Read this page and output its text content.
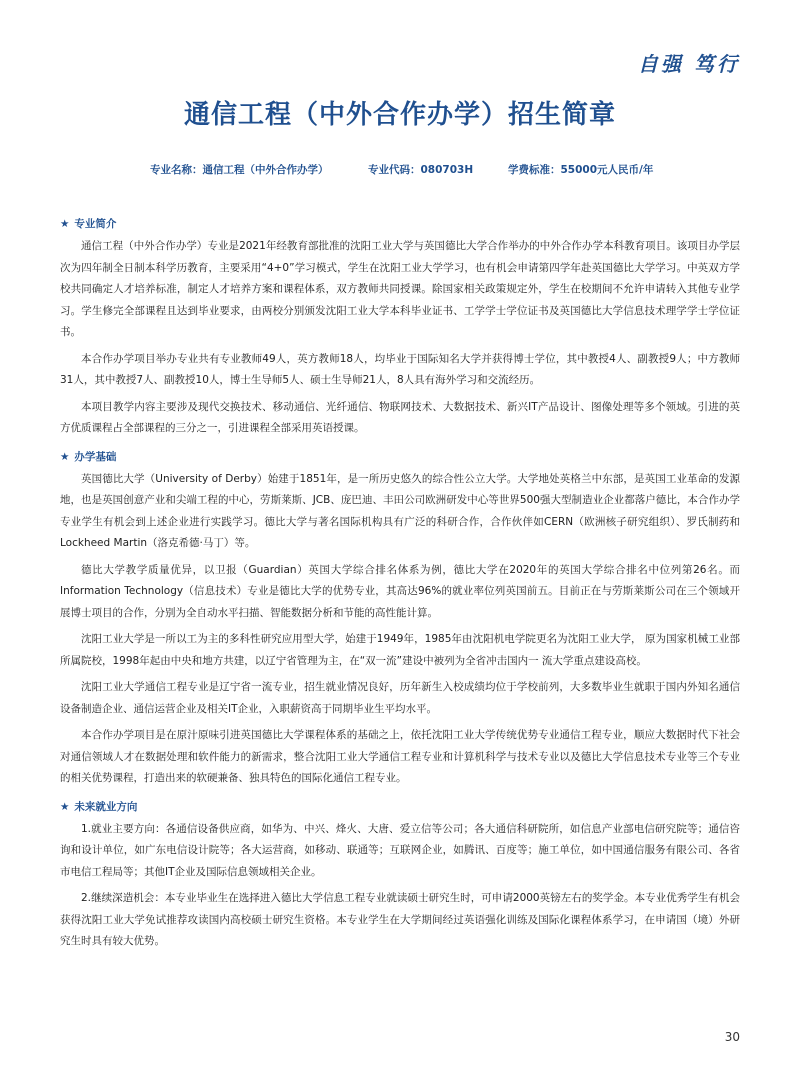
自强 笃行
通信工程（中外合作办学）招生简章
专业名称：通信工程（中外合作办学）	专业代码：080703H	学费标准：55000元人民币/年
★ 专业简介

通信工程（中外合作办学）专业是2021年经教育部批准的沈阳工业大学与英国德比大学合作举办的中外合作办学本科教育项目。该项目办学层次为四年制全日制本科学历教育，主要采用“4+0”学习模式，学生在沈阳工业大学学习，也有机会申请第四学年赴英国德比大学学习。中英双方学校共同确定人才培养标准，制定人才培养方案和课程体系，双方教师共同授课。除国家相关政策规定外，学生在校期间不允许申请转入其他专业学习。学生修完全部课程且达到毕业要求，由两校分别颁发沈阳工业大学本科毕业证书、工学学士学位证书及英国德比大学信息技术理学学士学位证书。

本合作办学项目举办专业共有专业教师49人，英方教师18人，均毕业于国际知名大学并获得博士学位，其中教授4人、副教授9人；中方教师31人，其中教授7人、副教授10人，博士生导师5人、硕士生导师21人，8人具有海外学习和交流经历。

本项目教学内容主要涉及现代交换技术、移动通信、光纤通信、物联网技术、大数据技术、新兴IT产品设计、图像处理等多个领域。引进的英方优质课程占全部课程的三分之一，引进课程全部采用英语授课。

★ 办学基础

英国德比大学（University of Derby）始建于1851年，是一所历史悠久的综合性公立大学。大学地处英格兰中东部，是英国工业革命的发源地，也是英国创意产业和尖端工程的中心，劳斯莱斯、JCB、庞巴迪、丰田公司欧洲研发中心等世界500强大型制造业企业都落户德比，本合作办学专业学生有机会到上述企业进行实践学习。德比大学与著名国际机构具有广泛的科研合作，合作伙伴如CERN（欧洲核子研究组织）、罗氏制药和Lockheed Martin（洛克希德·马丁）等。

德比大学教学质量优异，以卫报（Guardian）英国大学综合排名体系为例，德比大学在2020年的英国大学综合排名中位列第26名。而Information Technology（信息技术）专业是德比大学的优势专业，其高达96%的就业率位列英国前五。目前正在与劳斯莱斯公司在三个领域开展博士项目的合作，分别为全自动水平扫描、智能数据分析和节能的高性能计算。

沈阳工业大学是一所以工为主的多科性研究应用型大学，始建于1949年，1985年由沈阳机电学院更名为沈阳工业大学， 原为国家机械工业部所属院校，1998年起由中央和地方共建，以辽宁省管理为主，在“双一流”建设中被列为全省冲击国内一 流大学重点建设高校。

沈阳工业大学通信工程专业是辽宁省一流专业，招生就业情况良好，历年新生入校成绩均位于学校前列，大多数毕业生就职于国内外知名通信设备制造企业、通信运营企业及相关IT企业，入职薪资高于同期毕业生平均水平。

本合作办学项目是在原汁原味引进英国德比大学课程体系的基础之上，依托沈阳工业大学传统优势专业通信工程专业，顺应大数据时代下社会对通信领域人才在数据处理和软件能力的新需求，整合沈阳工业大学通信工程专业和计算机科学与技术专业以及德比大学信息技术专业等三个专业的相关优势课程，打造出来的软硬兼备、独具特色的国际化通信工程专业。

★ 未来就业方向

1.就业主要方向：各通信设备供应商，如华为、中兴、烽火、大唐、爱立信等公司；各大通信科研院所，如信息产业部电信研究院等；通信咨询和设计单位，如广东电信设计院等；各大运营商，如移动、联通等；互联网企业，如腾讯、百度等；施工单位，如中国通信服务有限公司、各省市电信工程局等；其他IT企业及国际信息领域相关企业。

2.继续深造机会：本专业毕业生在选择进入德比大学信息工程专业就读硕士研究生时，可申请2000英镑左右的奖学金。本专业优秀学生有机会获得沈阳工业大学免试推荐攻读国内高校硕士研究生资格。本专业学生在大学期间经过英语强化训练及国际化课程体系学习，在申请国（境）外研究生时具有较大优势。

30
